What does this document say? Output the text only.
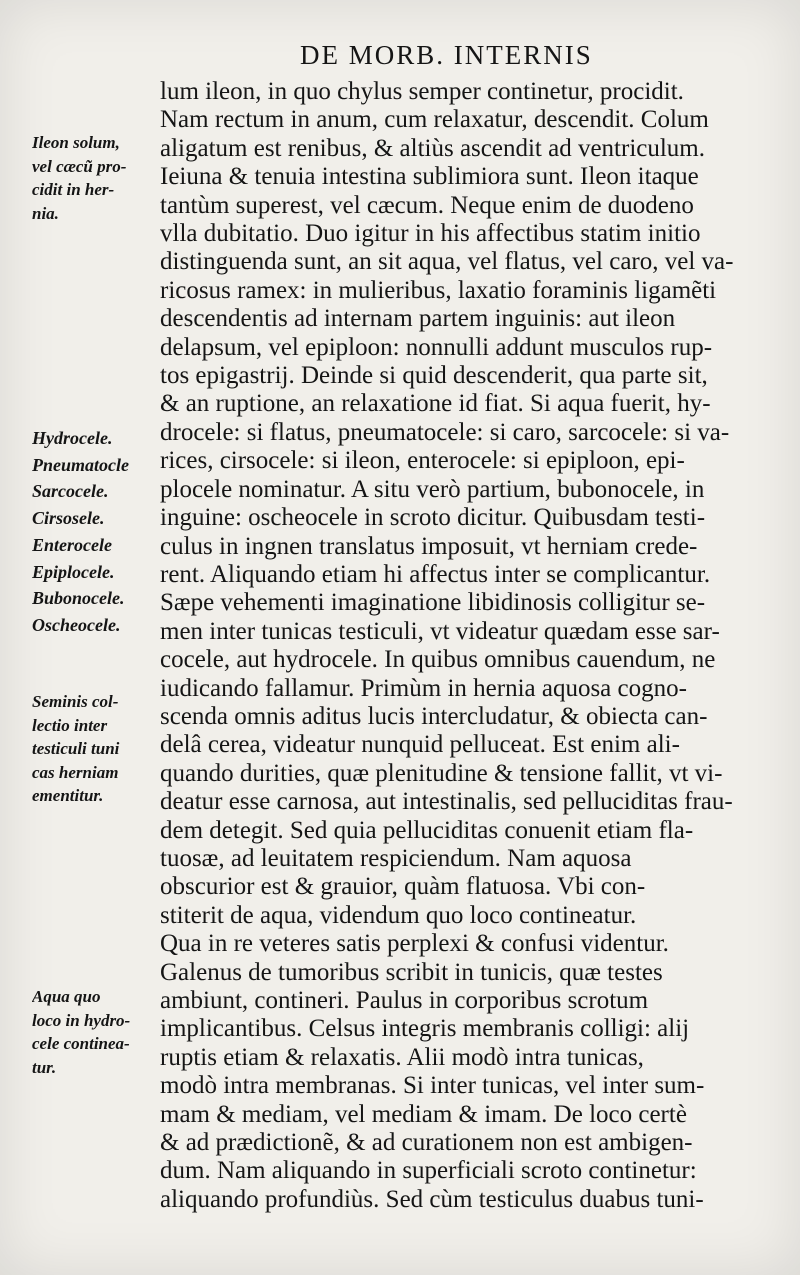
DE MORB. INTERNIS
Ileon solum,
vel cæcũ pro-
cidit in her-
nia.
Hydrocele.
Pneumatocle
Sarcocele.
Cirsosele.
Enterocele
Epiplocele.
Bubonocele.
Oscheocele.
Seminis col-
lectio inter
testiculi tuni
cas herniam
ementitur.
Aqua quo
loco in hydro-
cele continea-
tur.
lum ileon, in quo chylus semper continetur, procidit.
Nam rectum in anum, cum relaxatur, descendit. Colum
aligatum est renibus, & altiùs ascendit ad ventriculum.
Ieiuna & tenuia intestina sublimiora sunt. Ileon itaque
tantùm superest, vel cæcum. Neque enim de duodeno
vlla dubitatio. Duo igitur in his affectibus statim initio
distinguenda sunt, an sit aqua, vel flatus, vel caro, vel va-
ricosus ramex: in mulieribus, laxatio foraminis ligamẽti
descendentis ad internam partem inguinis: aut ileon
delapsum, vel epiploon: nonnulli addunt musculos rup-
tos epigastrij. Deinde si quid descenderit, qua parte sit,
& an ruptione, an relaxatione id fiat. Si aqua fuerit, hy-
drocele: si flatus, pneumatocele: si caro, sarcocele: si va-
rices, cirsocele: si ileon, enterocele: si epiploon, epi-
plocele nominatur. A situ verò partium, bubonocele, in
inguine: oscheocele in scroto dicitur. Quibusdam testi-
culus in ingnen translatus imposuit, vt herniam crede-
rent. Aliquando etiam hi affectus inter se complicantur.
Sæpe vehementi imaginatione libidinosis colligitur se-
men inter tunicas testiculi, vt videatur quædam esse sar-
cocele, aut hydrocele. In quibus omnibus cauendum, ne
iudicando fallamur. Primùm in hernia aquosa cogno-
scenda omnis aditus lucis intercludatur, & obiecta can-
delâ cerea, videatur nunquid pelluceat. Est enim ali-
quando durities, quæ plenitudine & tensione fallit, vt vi-
deatur esse carnosa, aut intestinalis, sed pelluciditas frau-
dem detegit. Sed quia pelluciditas conuenit etiam fla-
tuosæ, ad leuitatem respiciendum. Nam aquosa
obscurior est & grauior, quàm flatuosa. Vbi con-
stiterit de aqua, videndum quo loco contineatur.
Qua in re veteres satis perplexi & confusi videntur.
Galenus de tumoribus scribit in tunicis, quæ testes
ambiunt, contineri. Paulus in corporibus scrotum
implicantibus. Celsus integris membranis colligi: alij
ruptis etiam & relaxatis. Alii modò intra tunicas,
modò intra membranas. Si inter tunicas, vel inter sum-
mam & mediam, vel mediam & imam. De loco certè
& ad prædictionẽ, & ad curationem non est ambigen-
dum. Nam aliquando in superficiali scroto continetur:
aliquando profundiùs. Sed cùm testiculus duabus tuni-
